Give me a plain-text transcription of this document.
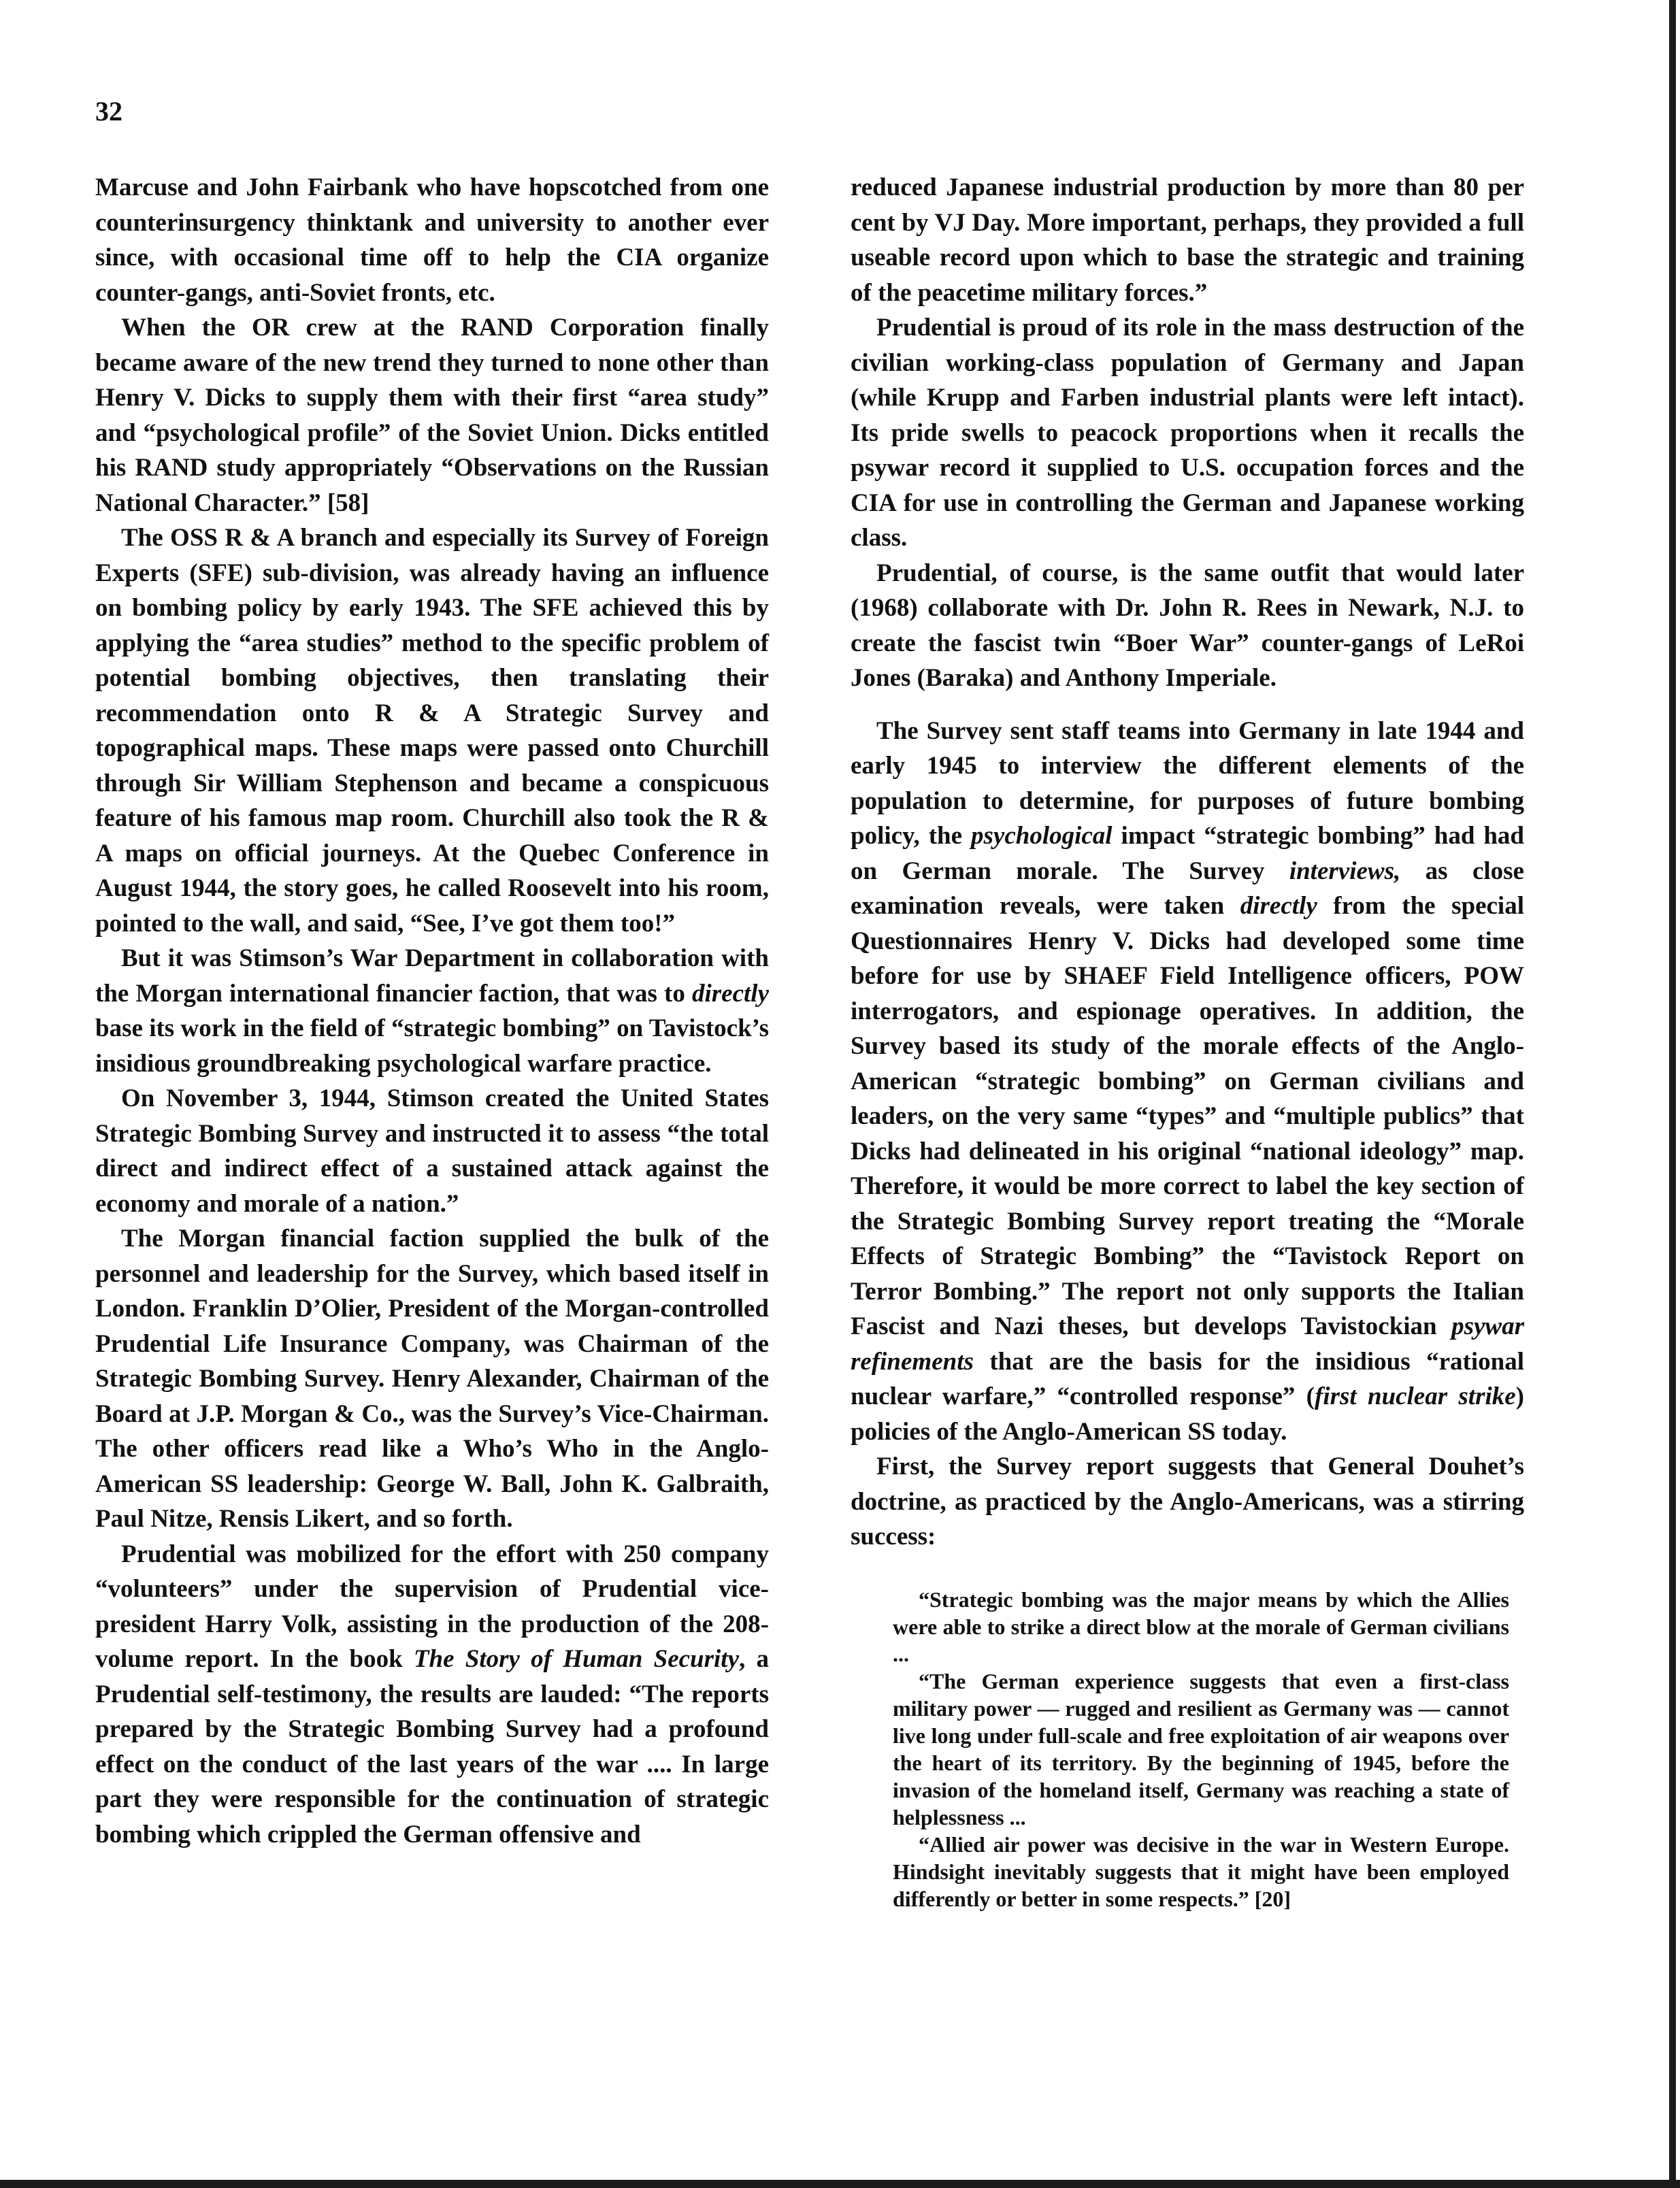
32

Marcuse and John Fairbank who have hopscotched from one counterinsurgency thinktank and university to another ever since, with occasional time off to help the CIA organize counter-gangs, anti-Soviet fronts, etc.

When the OR crew at the RAND Corporation finally became aware of the new trend they turned to none other than Henry V. Dicks to supply them with their first “area study” and “psychological profile” of the Soviet Union. Dicks entitled his RAND study appropriately “Observations on the Russian National Character.” [58]

The OSS R & A branch and especially its Survey of Foreign Experts (SFE) sub-division, was already having an influence on bombing policy by early 1943. The SFE achieved this by applying the “area studies” method to the specific problem of potential bombing objectives, then translating their recommendation onto R & A Strategic Survey and topographical maps. These maps were passed onto Churchill through Sir William Stephenson and became a conspicuous feature of his famous map room. Churchill also took the R & A maps on official journeys. At the Quebec Conference in August 1944, the story goes, he called Roosevelt into his room, pointed to the wall, and said, “See, I’ve got them too!”

But it was Stimson’s War Department in collaboration with the Morgan international financier faction, that was to directly base its work in the field of “strategic bombing” on Tavistock’s insidious groundbreaking psychological warfare practice.

On November 3, 1944, Stimson created the United States Strategic Bombing Survey and instructed it to assess “the total direct and indirect effect of a sustained attack against the economy and morale of a nation.”

The Morgan financial faction supplied the bulk of the personnel and leadership for the Survey, which based itself in London. Franklin D’Olier, President of the Morgan-controlled Prudential Life Insurance Company, was Chairman of the Strategic Bombing Survey. Henry Alexander, Chairman of the Board at J.P. Morgan & Co., was the Survey’s Vice-Chairman. The other officers read like a Who’s Who in the Anglo-American SS leadership: George W. Ball, John K. Galbraith, Paul Nitze, Rensis Likert, and so forth.

Prudential was mobilized for the effort with 250 company “volunteers” under the supervision of Prudential vice-president Harry Volk, assisting in the production of the 208-volume report. In the book The Story of Human Security, a Prudential self-testimony, the results are lauded: “The reports prepared by the Strategic Bombing Survey had a profound effect on the conduct of the last years of the war .... In large part they were responsible for the continuation of strategic bombing which crippled the German offensive and

reduced Japanese industrial production by more than 80 per cent by VJ Day. More important, perhaps, they provided a full useable record upon which to base the strategic and training of the peacetime military forces.”

Prudential is proud of its role in the mass destruction of the civilian working-class population of Germany and Japan (while Krupp and Farben industrial plants were left intact). Its pride swells to peacock proportions when it recalls the psywar record it supplied to U.S. occupation forces and the CIA for use in controlling the German and Japanese working class.

Prudential, of course, is the same outfit that would later (1968) collaborate with Dr. John R. Rees in Newark, N.J. to create the fascist twin “Boer War” counter-gangs of LeRoi Jones (Baraka) and Anthony Imperiale.

The Survey sent staff teams into Germany in late 1944 and early 1945 to interview the different elements of the population to determine, for purposes of future bombing policy, the psychological impact “strategic bombing” had had on German morale. The Survey interviews, as close examination reveals, were taken directly from the special Questionnaires Henry V. Dicks had developed some time before for use by SHAEF Field Intelligence officers, POW interrogators, and espionage operatives. In addition, the Survey based its study of the morale effects of the Anglo-American “strategic bombing” on German civilians and leaders, on the very same “types” and “multiple publics” that Dicks had delineated in his original “national ideology” map. Therefore, it would be more correct to label the key section of the Strategic Bombing Survey report treating the “Morale Effects of Strategic Bombing” the “Tavistock Report on Terror Bombing.” The report not only supports the Italian Fascist and Nazi theses, but develops Tavistockian psywar refinements that are the basis for the insidious “rational nuclear warfare,” “controlled response” (first nuclear strike) policies of the Anglo-American SS today.

First, the Survey report suggests that General Douhet’s doctrine, as practiced by the Anglo-Americans, was a stirring success:

“Strategic bombing was the major means by which the Allies were able to strike a direct blow at the morale of German civilians ...

“The German experience suggests that even a first-class military power — rugged and resilient as Germany was — cannot live long under full-scale and free exploitation of air weapons over the heart of its territory. By the beginning of 1945, before the invasion of the homeland itself, Germany was reaching a state of helplessness ...

“Allied air power was decisive in the war in Western Europe. Hindsight inevitably suggests that it might have been employed differently or better in some respects.” [20]
